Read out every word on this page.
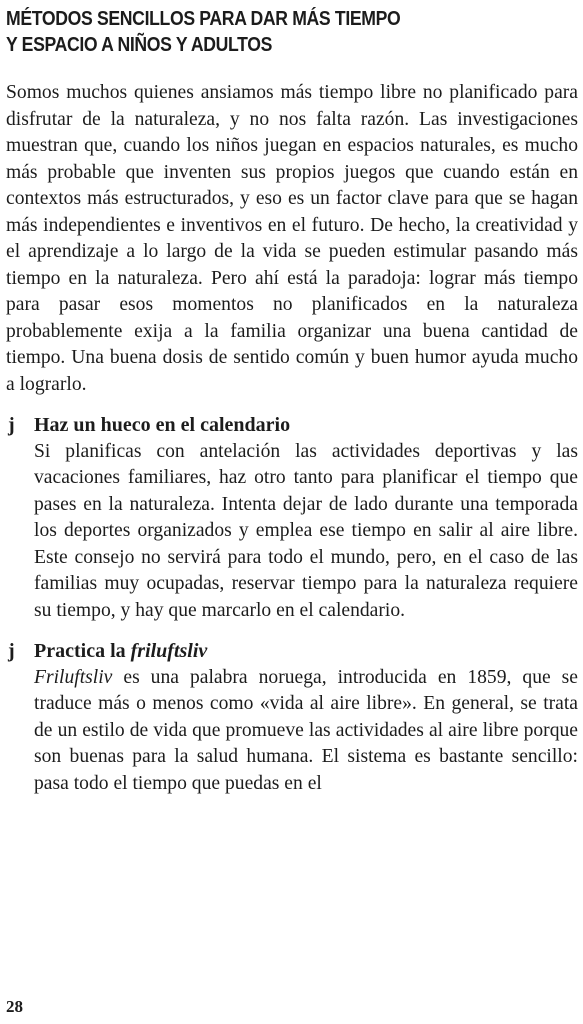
MÉTODOS SENCILLOS PARA DAR MÁS TIEMPO
Y ESPACIO A NIÑOS Y ADULTOS

Somos muchos quienes ansiamos más tiempo libre no planificado para disfrutar de la naturaleza, y no nos falta razón. Las investigaciones muestran que, cuando los niños juegan en espacios naturales, es mucho más probable que inventen sus propios juegos que cuando están en contextos más estructurados, y eso es un factor clave para que se hagan más independientes e inventivos en el futuro. De hecho, la creatividad y el aprendizaje a lo largo de la vida se pueden estimular pasando más tiempo en la naturaleza. Pero ahí está la paradoja: lograr más tiempo para pasar esos momentos no planificados en la naturaleza probablemente exija a la familia organizar una buena cantidad de tiempo. Una buena dosis de sentido común y buen humor ayuda mucho a lograrlo.

j Haz un hueco en el calendario

Si planificas con antelación las actividades deportivas y las vacaciones familiares, haz otro tanto para planificar el tiempo que pases en la naturaleza. Intenta dejar de lado durante una temporada los deportes organizados y emplea ese tiempo en salir al aire libre. Este consejo no servirá para todo el mundo, pero, en el caso de las familias muy ocupadas, reservar tiempo para la naturaleza requiere su tiempo, y hay que marcarlo en el calendario.

j Practica la friluftsliv

Friluftsliv es una palabra noruega, introducida en 1859, que se traduce más o menos como «vida al aire libre». En general, se trata de un estilo de vida que promueve las actividades al aire libre porque son buenas para la salud humana. El sistema es bastante sencillo: pasa todo el tiempo que puedas en el

28
